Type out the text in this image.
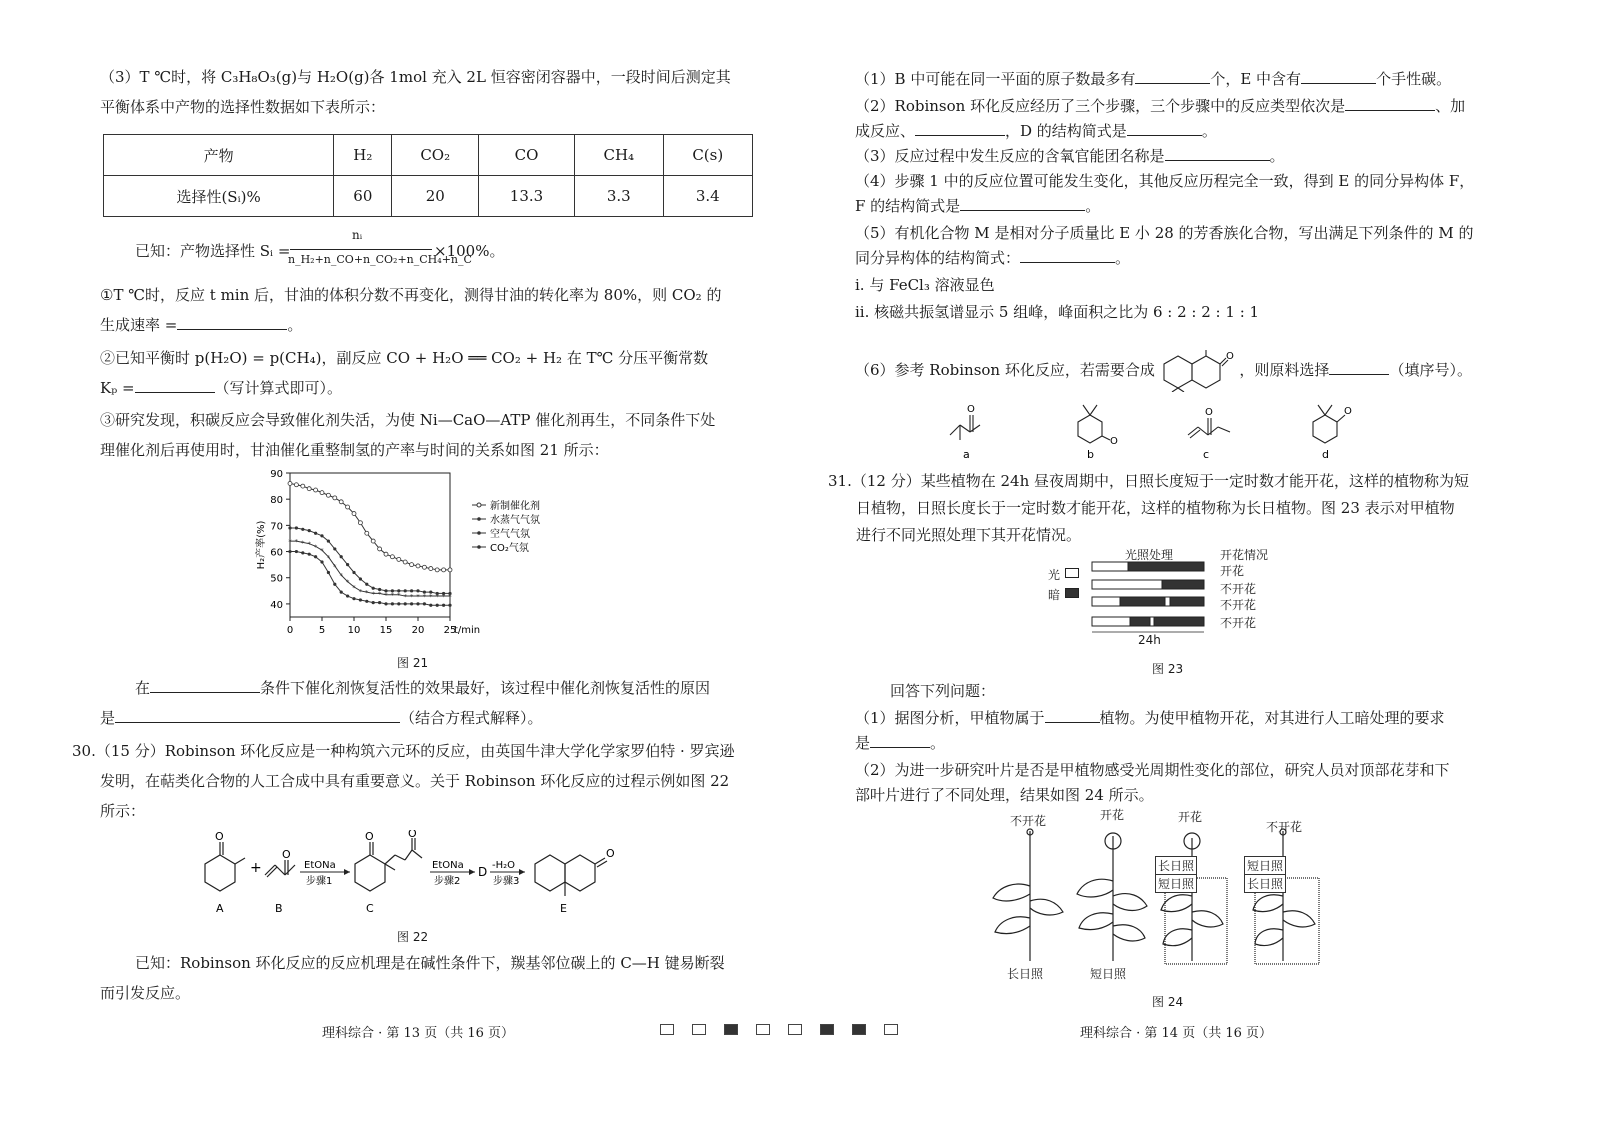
（3）T ℃时，将 C₃H₈O₃(g)与 H₂O(g)各 1mol 充入 2L 恒容密闭容器中，一段时间后测定其
平衡体系中产物的选择性数据如下表所示：
产物	H₂	CO₂	CO	CH₄	C(s)
选择性(Sᵢ)%	60	20	13.3	3.3	3.4
已知：产物选择性 Sᵢ =
nᵢ
n_H₂+n_CO+n_CO₂+n_CH₄+n_C
×100%。
①T ℃时，反应 t min 后，甘油的体积分数不再变化，测得甘油的转化率为 80%，则 CO₂ 的
生成速率 =	。
②已知平衡时 p(H₂O) = p(CH₄)，副反应 CO + H₂O ══ CO₂ + H₂ 在 T℃ 分压平衡常数
Kₚ =	（写计算式即可）。
③研究发现，积碳反应会导致催化剂失活，为使 Ni—CaO—ATP 催化剂再生，不同条件下处
理催化剂后再使用时，甘油催化重整制氢的产率与时间的关系如图 21 所示：
40
50
60
70
80
90
0	5 10 15 20 25
t/min
H₂产率(%)	* * * * * *
*
*
*
*
* * * * * * * * * * * * * * * *
新制催化剂
水蒸气气氛
空气气氛
CO₂气氛
图 21
在	条件下催化剂恢复活性的效果最好，该过程中催化剂恢复活性的原因
是	（结合方程式解释）。
30.（15 分）Robinson 环化反应是一种构筑六元环的反应，由英国牛津大学化学家罗伯特 · 罗宾逊
发明，在萜类化合物的人工合成中具有重要意义。关于 Robinson 环化反应的过程示例如图 22
所示：
O
+
O
EtONa
步骤1
O	O
EtONa
步骤2
D -H₂O
步骤3
O
A	B	C	E
图 22
已知：Robinson 环化反应的反应机理是在碱性条件下，羰基邻位碳上的 C—H 键易断裂
而引发反应。
理科综合 · 第 13 页（共 16 页）
（1）B 中可能在同一平面的原子数最多有	个，E 中含有	个手性碳。
（2）Robinson 环化反应经历了三个步骤，三个步骤中的反应类型依次是	、加
成反应、	，D 的结构简式是	。
（3）反应过程中发生反应的含氧官能团名称是	。
（4）步骤 1 中的反应位置可能发生变化，其他反应历程完全一致，得到 E 的同分异构体 F，
F 的结构简式是	。
（5）有机化合物 M 是相对分子质量比 E 小 28 的芳香族化合物，写出满足下列条件的 M 的
同分异构体的结构简式：	。
i. 与 FeCl₃ 溶液显色
ii. 核磁共振氢谱显示 5 组峰，峰面积之比为 6 : 2 : 2 : 1 : 1
（6）参考 Robinson 环化反应，若需要合成
O
，则原料选择	（填序号）。
O
O
O	O
a	b	c	d
31.（12 分）某些植物在 24h 昼夜周期中，日照长度短于一定时数才能开花，这样的植物称为短
日植物，日照长度长于一定时数才能开花，这样的植物称为长日植物。图 23 表示对甲植物
进行不同光照处理下其开花情况。
光照处理	开花情况
光
暗
24h
开花
不开花
不开花
不开花
图 23
回答下列问题：
（1）据图分析，甲植物属于	植物。为使甲植物开花，对其进行人工暗处理的要求
是	。
（2）为进一步研究叶片是否是甲植物感受光周期性变化的部位，研究人员对顶部花芽和下
部叶片进行了不同处理，结果如图 24 所示。
不开花	开花	开花
不开花
长日照
短日照
短日照
长日照
长日照	短日照
图 24
理科综合 · 第 14 页（共 16 页）
